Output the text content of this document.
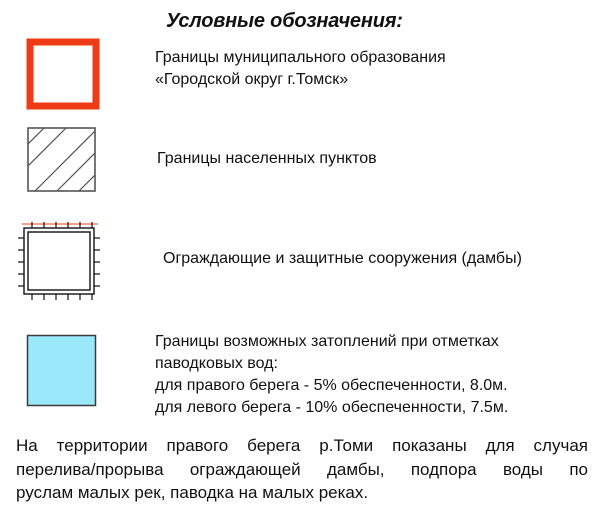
Условные обозначения:
Границы муниципального образования
«Городской округ г.Томск»
Границы населенных пунктов
Ограждающие и защитные сооружения (дамбы)
Границы возможных затоплений при отметках
паводковых вод:
для правого берега - 5% обеспеченности, 8.0м.
для левого берега - 10% обеспеченности, 7.5м.
На территории правого берега р.Томи показаны для случая
перелива/прорыва ограждающей дамбы, подпора воды по
руслам малых рек, паводка на малых реках.
